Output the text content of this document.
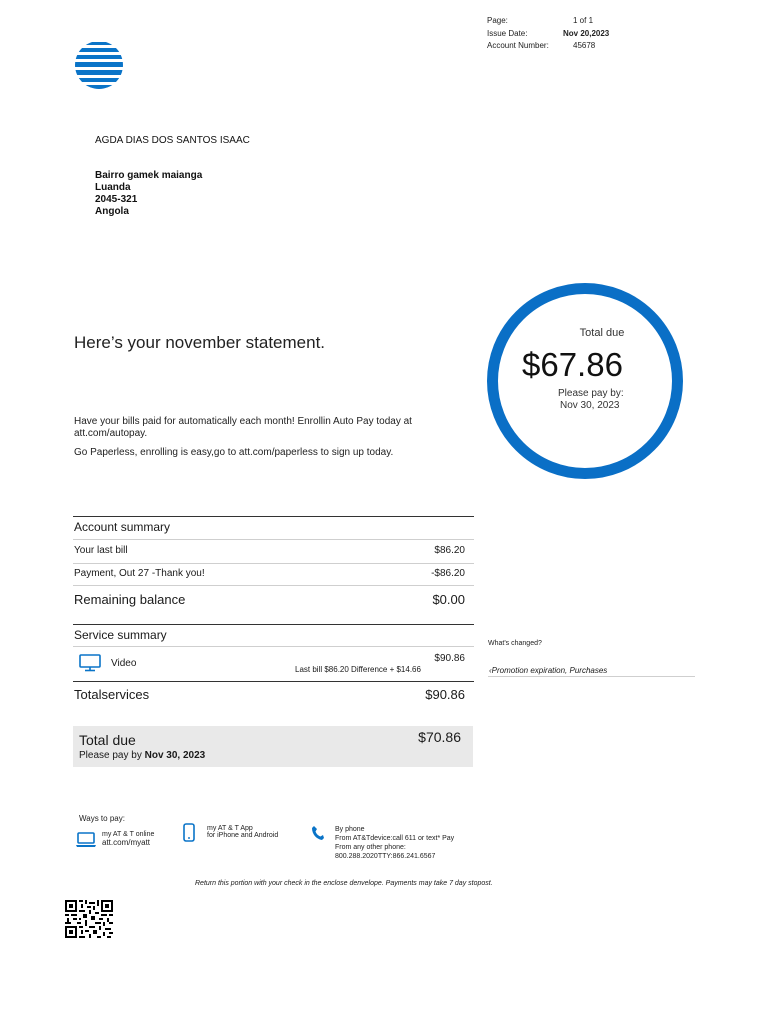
Page:	1 of 1
Issue Date:	Nov 20,2023
Account Number:	45678
AGDA DIAS DOS SANTOS ISAAC
Bairro gamek maianga
Luanda
2045-321
Angola
Here’s your november statement.
Have your bills paid for automatically each month! Enrollin Auto Pay today at att.com/autopay.
Go Paperless, enrolling is easy,go to att.com/paperless to sign up today.
Total due
$67.86
Please pay by:
Nov 30, 2023
Account summary
Your last bill	$86.20
Payment, Out 27 -Thank you!	-$86.20
Remaining balance	$0.00
Service summary
Video	$90.86
Last bill $86.20 Difference + $14.66
Totalservices	$90.86
What's changed?
‹Promotion expiration, Purchases
Total due	$70.86
Please pay by Nov 30, 2023
Ways to pay:
my AT & T online
att.com/myatt
my AT & T App
for iPhone and Android
By phone
From AT&Tdevice:call 611 or text* Pay
From any other phone:
800.288.2020TTY:866.241.6567
Return this portion with your check in the enclose denvelope. Payments may take 7 day stopost.
